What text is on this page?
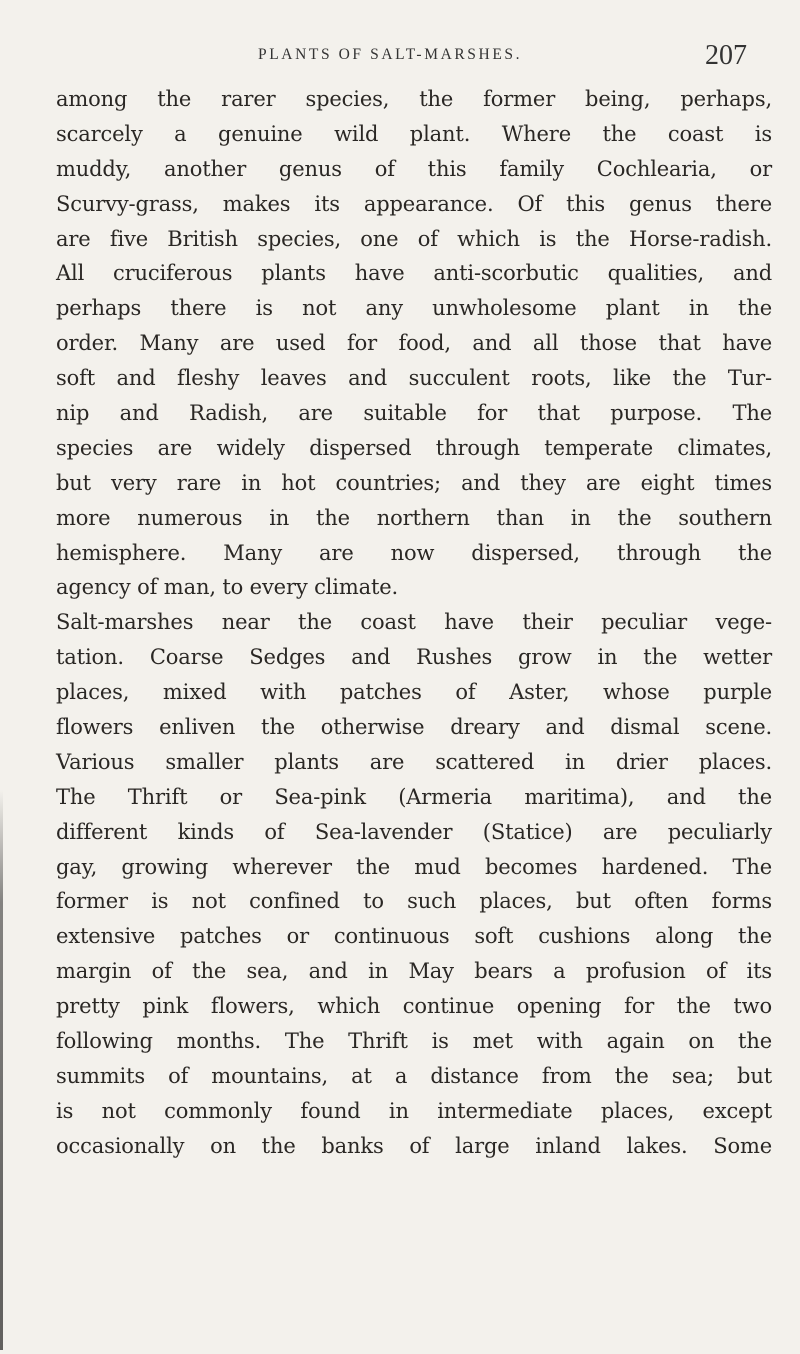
PLANTS OF SALT-MARSHES.	207
among the rarer species, the former being, perhaps,
scarcely a genuine wild plant. Where the coast is
muddy, another genus of this family Cochlearia, or
Scurvy-grass, makes its appearance. Of this genus there
are five British species, one of which is the Horse-radish.
All cruciferous plants have anti-scorbutic qualities, and
perhaps there is not any unwholesome plant in the
order. Many are used for food, and all those that have
soft and fleshy leaves and succulent roots, like the Tur-
nip and Radish, are suitable for that purpose. The
species are widely dispersed through temperate climates,
but very rare in hot countries; and they are eight times
more numerous in the northern than in the southern
hemisphere. Many are now dispersed, through the
agency of man, to every climate.
Salt-marshes near the coast have their peculiar vege-
tation. Coarse Sedges and Rushes grow in the wetter
places, mixed with patches of Aster, whose purple
flowers enliven the otherwise dreary and dismal scene.
Various smaller plants are scattered in drier places.
The Thrift or Sea-pink (Armeria maritima), and the
different kinds of Sea-lavender (Statice) are peculiarly
gay, growing wherever the mud becomes hardened. The
former is not confined to such places, but often forms
extensive patches or continuous soft cushions along the
margin of the sea, and in May bears a profusion of its
pretty pink flowers, which continue opening for the two
following months. The Thrift is met with again on the
summits of mountains, at a distance from the sea; but
is not commonly found in intermediate places, except
occasionally on the banks of large inland lakes. Some
